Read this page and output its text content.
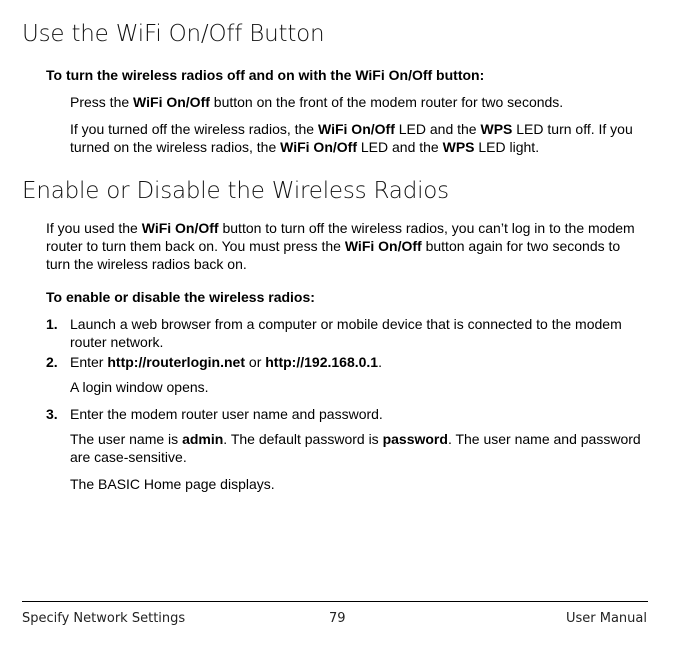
Use the WiFi On/Off Button

To turn the wireless radios off and on with the WiFi On/Off button:

Press the WiFi On/Off button on the front of the modem router for two seconds.

If you turned off the wireless radios, the WiFi On/Off LED and the WPS LED turn off. If you turned on the wireless radios, the WiFi On/Off LED and the WPS LED light.

Enable or Disable the Wireless Radios

If you used the WiFi On/Off button to turn off the wireless radios, you can’t log in to the modem router to turn them back on. You must press the WiFi On/Off button again for two seconds to turn the wireless radios back on.

To enable or disable the wireless radios:

1. Launch a web browser from a computer or mobile device that is connected to the modem router network.

2. Enter http://routerlogin.net or http://192.168.0.1.

A login window opens.

3. Enter the modem router user name and password.

The user name is admin. The default password is password. The user name and password are case-sensitive.

The BASIC Home page displays.

Specify Network Settings	79	User Manual
